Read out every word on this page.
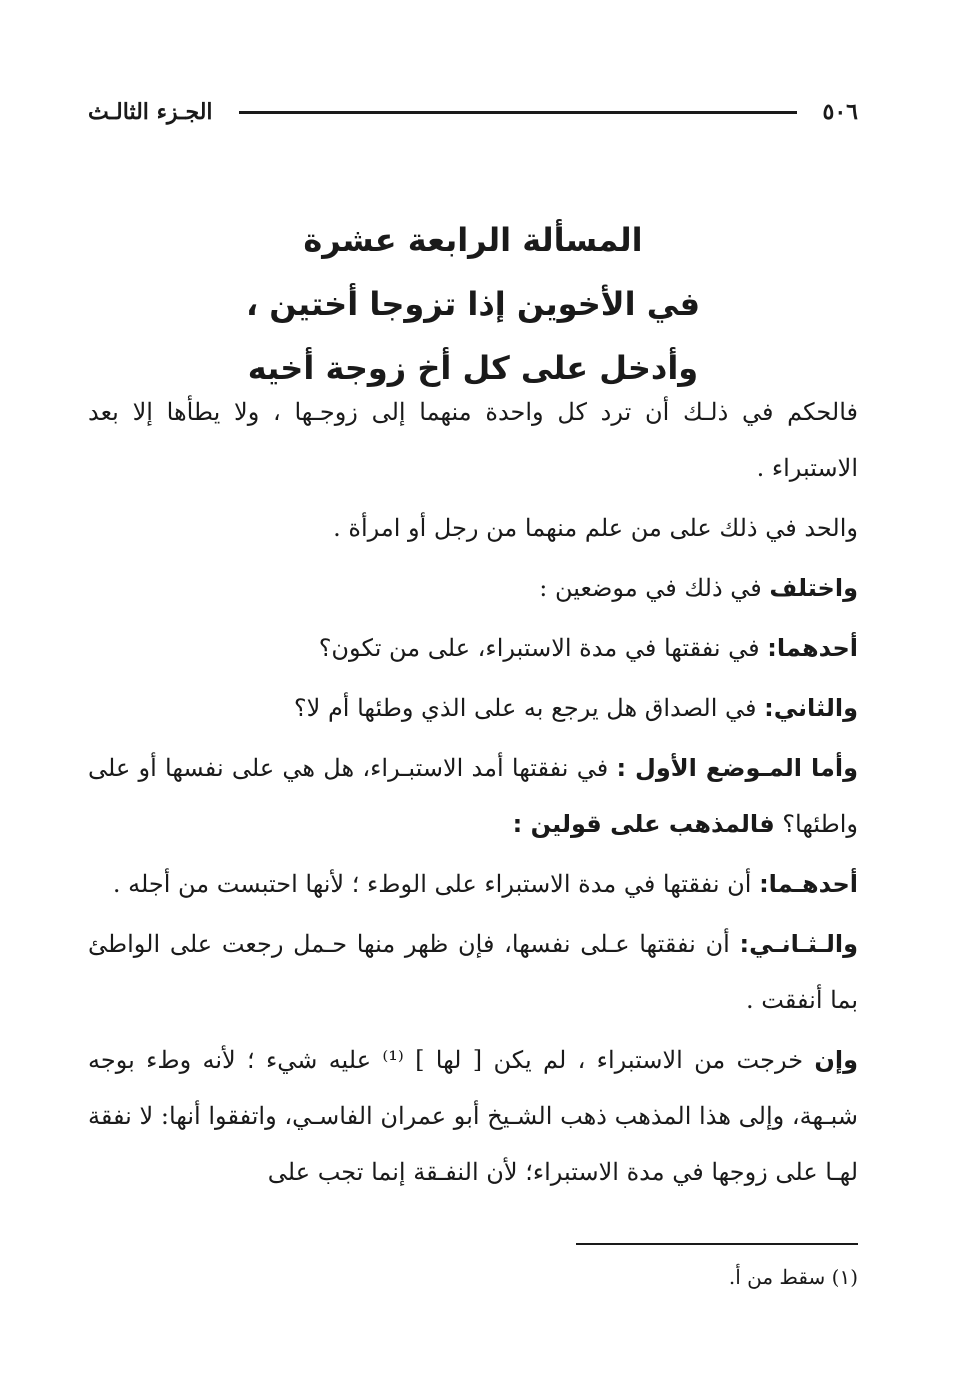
٥٠٦
الجـزء الثالـث

المسألة الرابعة عشرة

في الأخوين إذا تزوجا أختين ،

وأدخل على كل أخ زوجة أخيه

فالحكم في ذلـك أن ترد كل واحدة منهما إلى زوجـها ، ولا يطأها إلا بعد الاستبراء .

والحد في ذلك على من علم منهما من رجل أو امرأة .

واختلف في ذلك في موضعين :

أحدهما: في نفقتها في مدة الاستبراء، على من تكون؟

والثاني: في الصداق هل يرجع به على الذي وطئها أم لا؟

وأما المـوضع الأول : في نفقتها أمد الاستبـراء، هل هي على نفسها أو على واطئها؟ فالمذهب على قولين :

أحدهـما: أن نفقتها في مدة الاستبراء على الوطء ؛ لأنها احتبست من أجله .

والـثـانـي: أن نفقتها عـلى نفسها، فإن ظهر منها حـمل رجعت على الواطئ بما أنفقت .

وإن خرجت من الاستبراء ، لم يكن [ لها ] ⁽¹⁾ عليه شيء ؛ لأنه وطء بوجه شبـهة، وإلى هذا المذهب ذهب الشـيخ أبو عمران الفاسـي، واتفقوا أنها: لا نفقة لهـا على زوجها في مدة الاستبراء؛ لأن النفـقة إنما تجب على

(١) سقط من أ.
